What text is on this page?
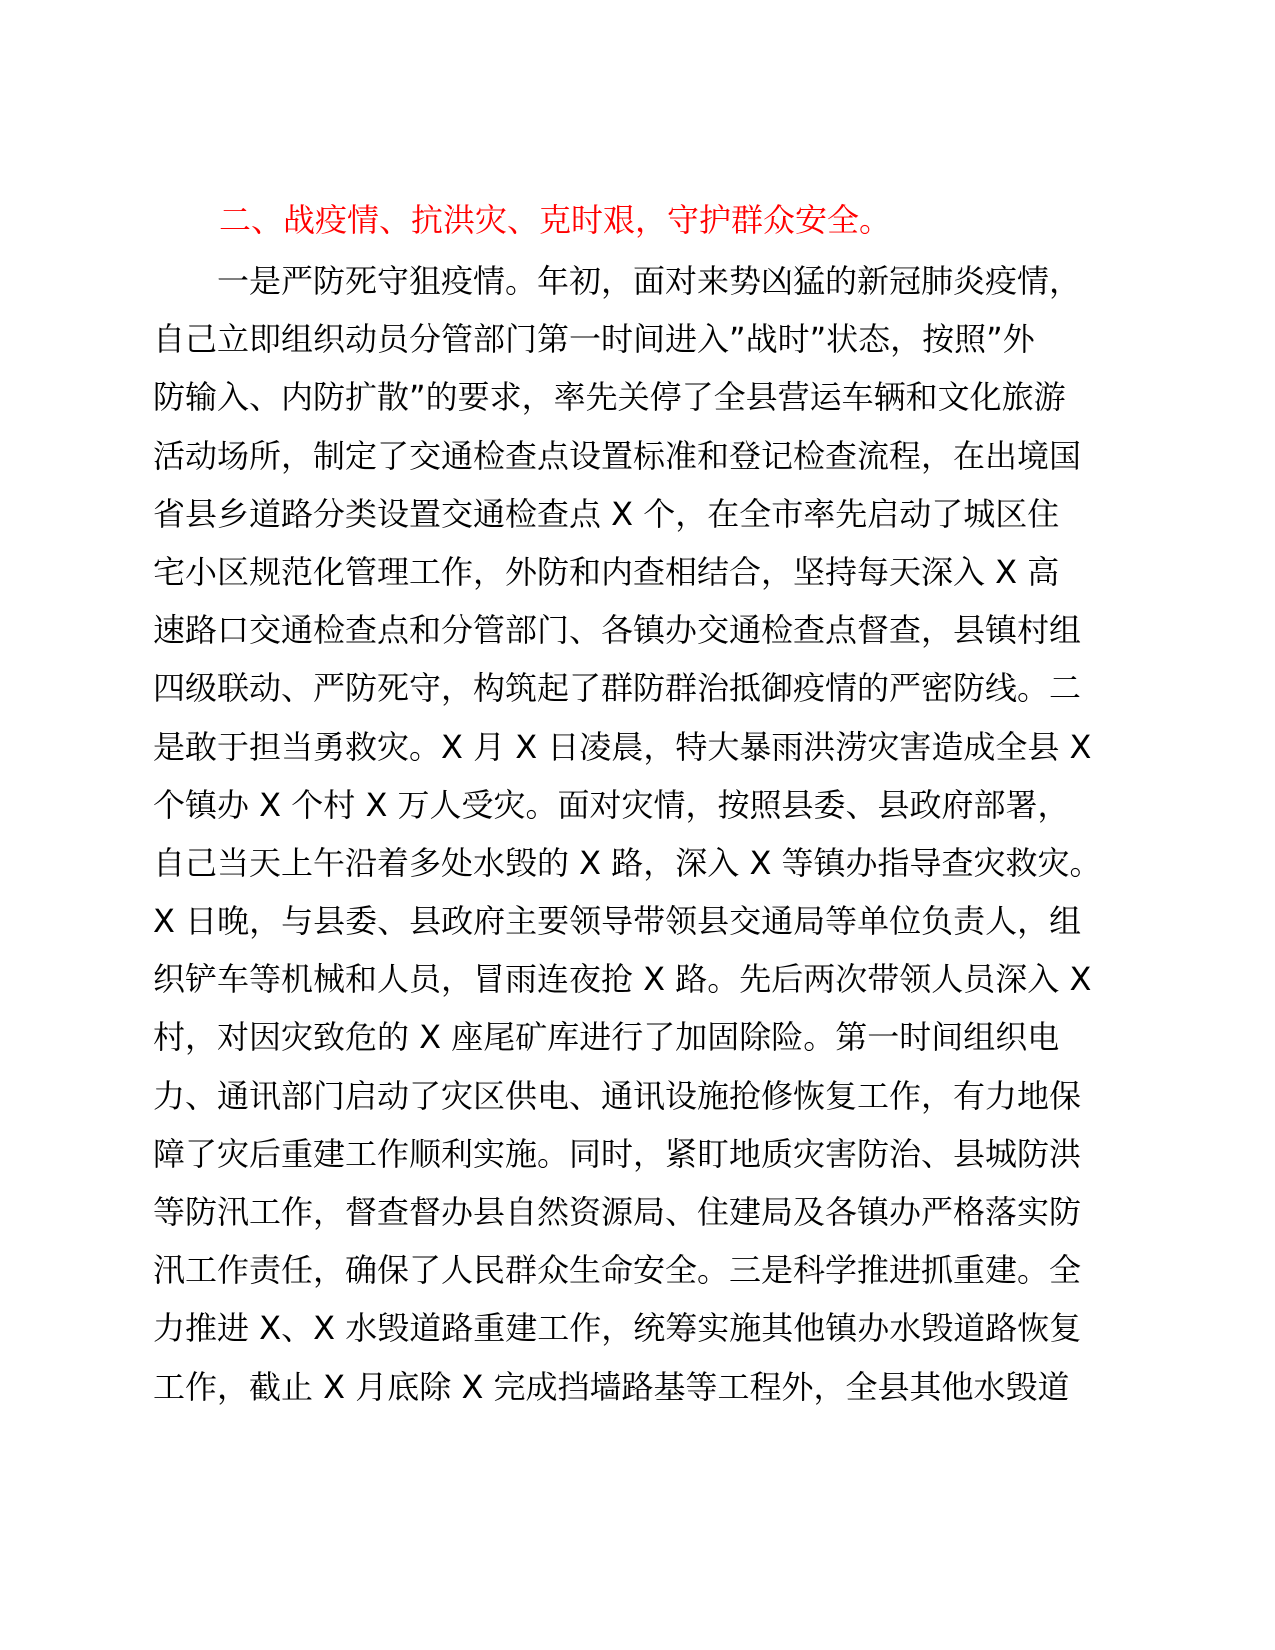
二、战疫情、抗洪灾、克时艰，守护群众安全。
　　一是严防死守狙疫情。年初，面对来势凶猛的新冠肺炎疫情，
自己立即组织动员分管部门第一时间进入”战时”状态，按照”外
防输入、内防扩散”的要求，率先关停了全县营运车辆和文化旅游
活动场所，制定了交通检查点设置标准和登记检查流程，在出境国
省县乡道路分类设置交通检查点 X 个，在全市率先启动了城区住
宅小区规范化管理工作，外防和内查相结合，坚持每天深入 X 高
速路口交通检查点和分管部门、各镇办交通检查点督查，县镇村组
四级联动、严防死守，构筑起了群防群治抵御疫情的严密防线。二
是敢于担当勇救灾。X 月 X 日凌晨，特大暴雨洪涝灾害造成全县 X
个镇办 X 个村 X 万人受灾。面对灾情，按照县委、县政府部署，
自己当天上午沿着多处水毁的 X 路，深入 X 等镇办指导查灾救灾。
X 日晚，与县委、县政府主要领导带领县交通局等单位负责人，组
织铲车等机械和人员，冒雨连夜抢 X 路。先后两次带领人员深入 X
村，对因灾致危的 X 座尾矿库进行了加固除险。第一时间组织电
力、通讯部门启动了灾区供电、通讯设施抢修恢复工作，有力地保
障了灾后重建工作顺利实施。同时，紧盯地质灾害防治、县城防洪
等防汛工作，督查督办县自然资源局、住建局及各镇办严格落实防
汛工作责任，确保了人民群众生命安全。三是科学推进抓重建。全
力推进 X、X 水毁道路重建工作，统筹实施其他镇办水毁道路恢复
工作，截止 X 月底除 X 完成挡墙路基等工程外，全县其他水毁道
